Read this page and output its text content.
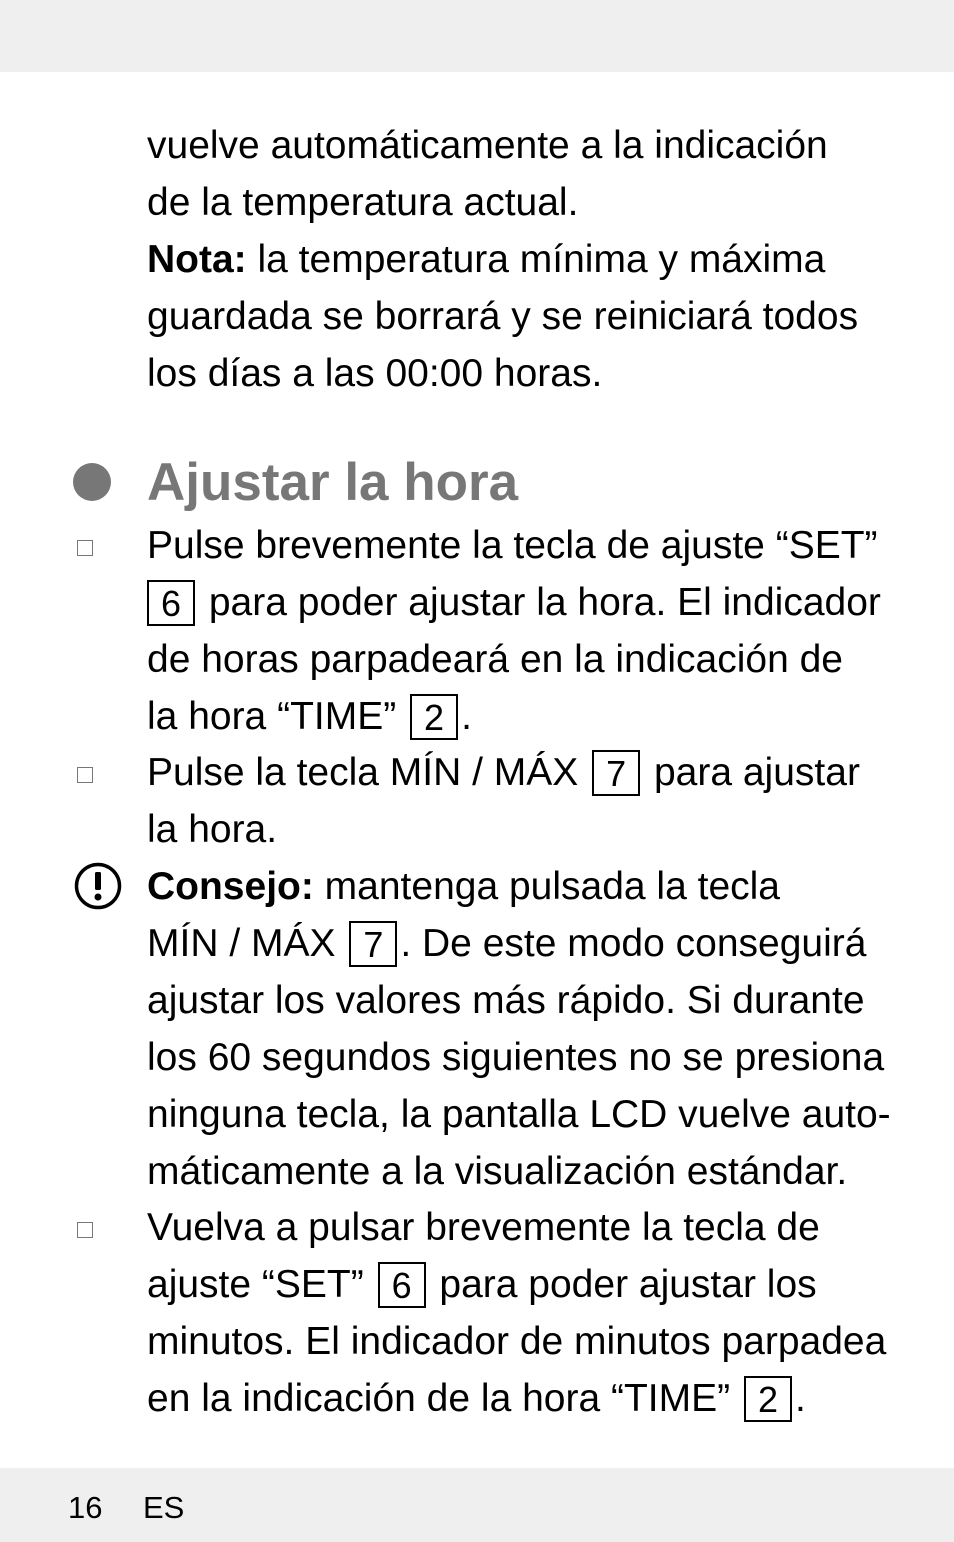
vuelve automáticamente a la indicación
de la temperatura actual.
Nota: la temperatura mínima y máxima
guardada se borrará y se reiniciará todos
los días a las 00:00 horas.
Ajustar la hora
Pulse brevemente la tecla de ajuste “SET”
6 para poder ajustar la hora. El indicador
de horas parpadeará en la indicación de
la hora “TIME” 2 .
Pulse la tecla MÍN / MÁX 7 para ajustar
la hora.
Consejo: mantenga pulsada la tecla
MÍN / MÁX 7 . De este modo conseguirá
ajustar los valores más rápido. Si durante
los 60 segundos siguientes no se presiona
ninguna tecla, la pantalla LCD vuelve auto-
máticamente a la visualización estándar.
Vuelva a pulsar brevemente la tecla de
ajuste “SET” 6 para poder ajustar los
minutos. El indicador de minutos parpadea
en la indicación de la hora “TIME” 2 .
16 ES
